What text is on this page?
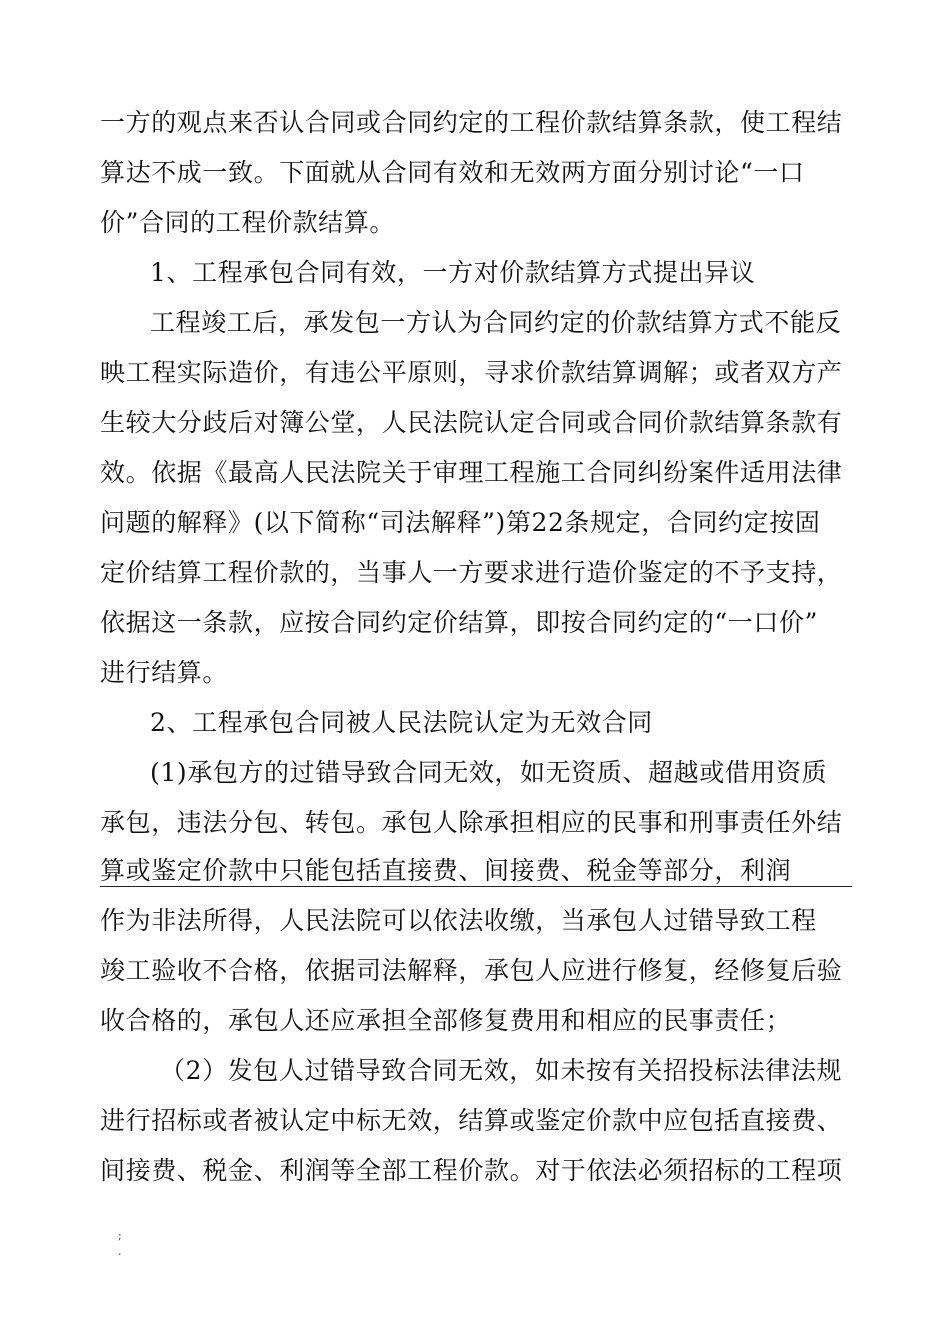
一方的观点来否认合同或合同约定的工程价款结算条款，使工程结
算达不成一致。下面就从合同有效和无效两方面分别讨论“一口
价”合同的工程价款结算。
1、工程承包合同有效，一方对价款结算方式提出异议
工程竣工后，承发包一方认为合同约定的价款结算方式不能反
映工程实际造价，有违公平原则，寻求价款结算调解；或者双方产
生较大分歧后对簿公堂，人民法院认定合同或合同价款结算条款有
效。依据《最高人民法院关于审理工程施工合同纠纷案件适用法律
问题的解释》(以下简称“司法解释”)第22条规定，合同约定按固
定价结算工程价款的，当事人一方要求进行造价鉴定的不予支持，
依据这一条款，应按合同约定价结算，即按合同约定的“一口价”
进行结算。
2、工程承包合同被人民法院认定为无效合同
(1)承包方的过错导致合同无效，如无资质、超越或借用资质
承包，违法分包、转包。承包人除承担相应的民事和刑事责任外结
算或鉴定价款中只能包括直接费、间接费、税金等部分，利润
作为非法所得，人民法院可以依法收缴，当承包人过错导致工程
竣工验收不合格，依据司法解释，承包人应进行修复，经修复后验
收合格的，承包人还应承担全部修复费用和相应的民事责任；
（2）发包人过错导致合同无效，如未按有关招投标法律法规
进行招标或者被认定中标无效，结算或鉴定价款中应包括直接费、
间接费、税金、利润等全部工程价款。对于依法必须招标的工程项
;
.
